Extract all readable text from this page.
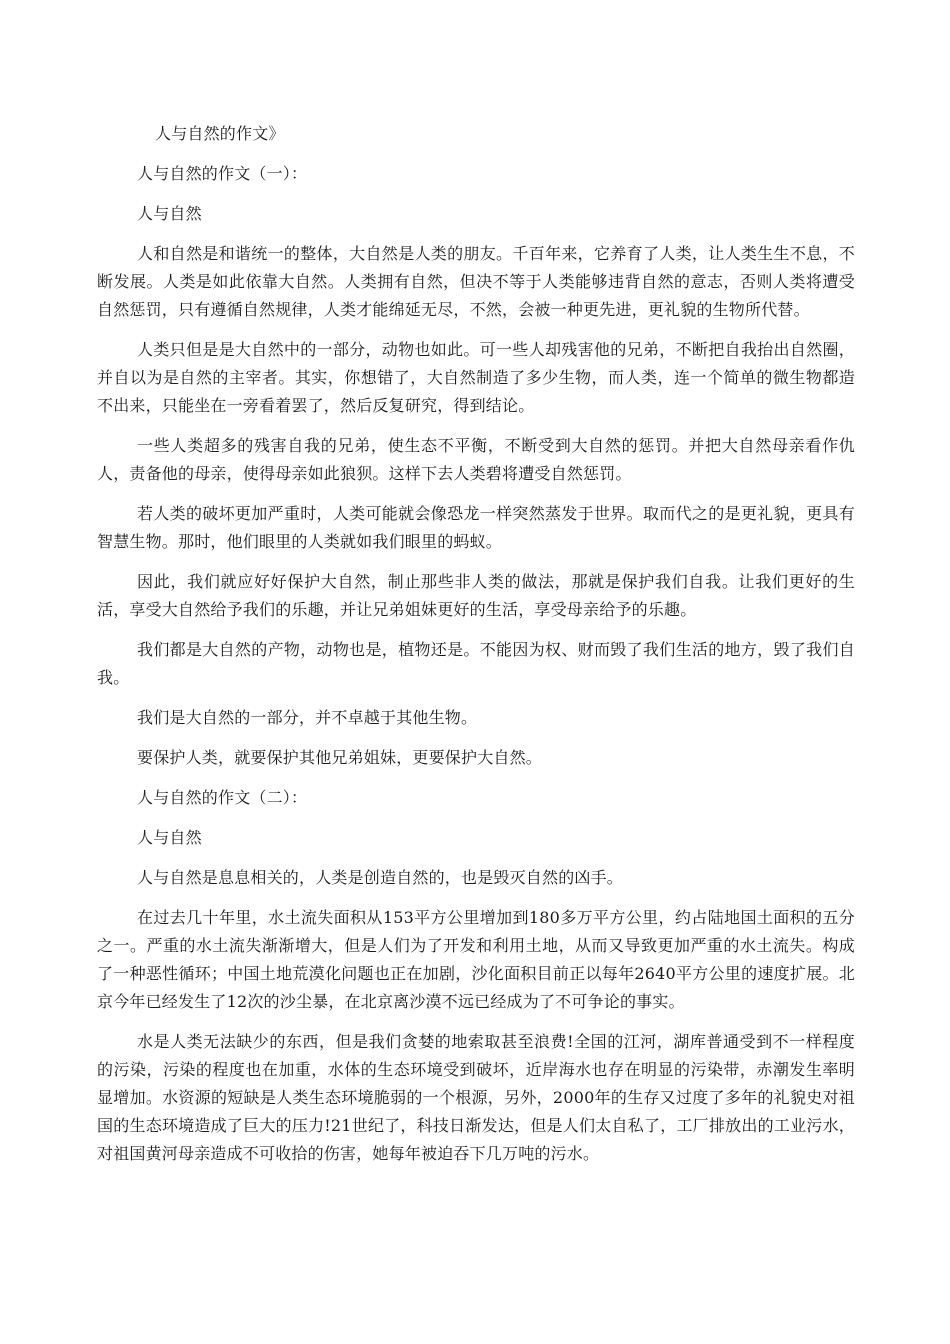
人与自然的作文》

人与自然的作文（一）：

人与自然

人和自然是和谐统一的整体，大自然是人类的朋友。千百年来，它养育了人类，让人类生生不息，不断发展。人类是如此依靠大自然。人类拥有自然，但决不等于人类能够违背自然的意志，否则人类将遭受自然惩罚，只有遵循自然规律，人类才能绵延无尽，不然，会被一种更先进，更礼貌的生物所代替。

人类只但是是大自然中的一部分，动物也如此。可一些人却残害他的兄弟，不断把自我抬出自然圈，并自以为是自然的主宰者。其实，你想错了，大自然制造了多少生物，而人类，连一个简单的微生物都造不出来，只能坐在一旁看着罢了，然后反复研究，得到结论。

一些人类超多的残害自我的兄弟，使生态不平衡，不断受到大自然的惩罚。并把大自然母亲看作仇人，责备他的母亲，使得母亲如此狼狈。这样下去人类碧将遭受自然惩罚。

若人类的破坏更加严重时，人类可能就会像恐龙一样突然蒸发于世界。取而代之的是更礼貌，更具有智慧生物。那时，他们眼里的人类就如我们眼里的蚂蚁。

因此，我们就应好好保护大自然，制止那些非人类的做法，那就是保护我们自我。让我们更好的生活，享受大自然给予我们的乐趣，并让兄弟姐妹更好的生活，享受母亲给予的乐趣。

我们都是大自然的产物，动物也是，植物还是。不能因为权、财而毁了我们生活的地方，毁了我们自我。

我们是大自然的一部分，并不卓越于其他生物。

要保护人类，就要保护其他兄弟姐妹，更要保护大自然。

人与自然的作文（二）：

人与自然

人与自然是息息相关的，人类是创造自然的，也是毁灭自然的凶手。

在过去几十年里，水土流失面积从153平方公里增加到180多万平方公里，约占陆地国土面积的五分之一。严重的水土流失渐渐增大，但是人们为了开发和利用土地，从而又导致更加严重的水土流失。构成了一种恶性循环；中国土地荒漠化问题也正在加剧，沙化面积目前正以每年2640平方公里的速度扩展。北京今年已经发生了12次的沙尘暴，在北京离沙漠不远已经成为了不可争论的事实。

水是人类无法缺少的东西，但是我们贪婪的地索取甚至浪费!全国的江河，湖库普通受到不一样程度的污染，污染的程度也在加重，水体的生态环境受到破坏，近岸海水也存在明显的污染带，赤潮发生率明显增加。水资源的短缺是人类生态环境脆弱的一个根源，另外，2000年的生存又过度了多年的礼貌史对祖国的生态环境造成了巨大的压力!21世纪了，科技日渐发达，但是人们太自私了，工厂排放出的工业污水，对祖国黄河母亲造成不可收拾的伤害，她每年被迫吞下几万吨的污水。
